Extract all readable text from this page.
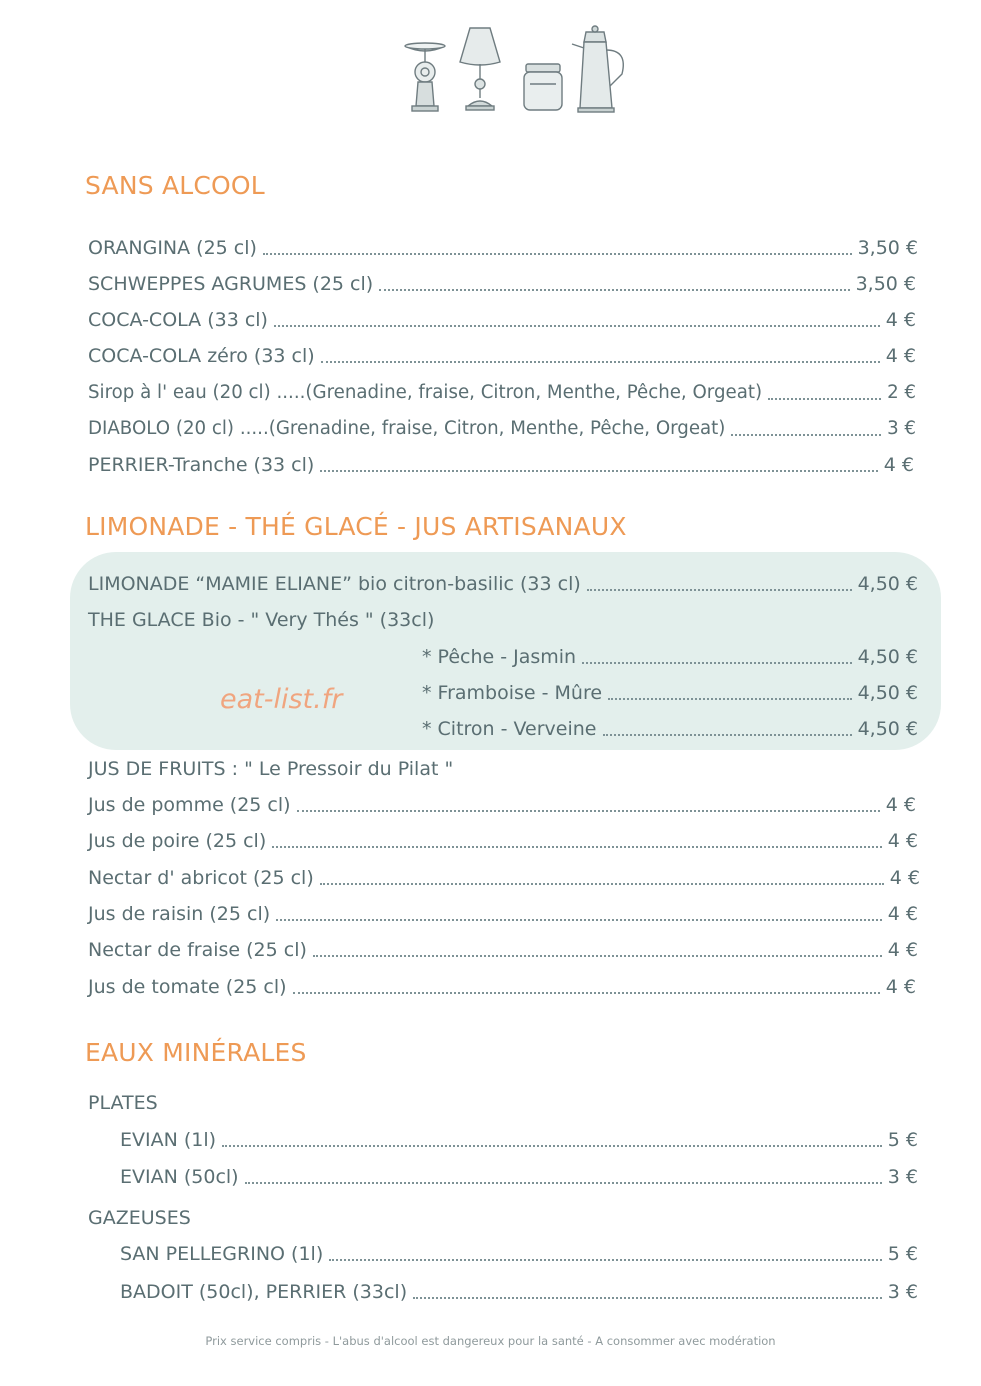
SANS ALCOOL
ORANGINA (25 cl)	3,50 €
SCHWEPPES AGRUMES (25 cl)	3,50 €
COCA-COLA (33 cl)	4 €
COCA-COLA zéro (33 cl)	4 €
Sirop à l' eau (20 cl) .....(Grenadine, fraise, Citron, Menthe, Pêche, Orgeat)	2 €
DIABOLO (20 cl) .....(Grenadine, fraise, Citron, Menthe, Pêche, Orgeat)	3 €
PERRIER-Tranche (33 cl)	4 €
LIMONADE - THÉ GLACÉ - JUS ARTISANAUX
eat-list.fr
LIMONADE “MAMIE ELIANE” bio citron-basilic (33 cl)	4,50 €
THE GLACE Bio - " Very Thés " (33cl)
* Pêche - Jasmin	4,50 €
* Framboise - Mûre	4,50 €
* Citron - Verveine	4,50 €
JUS DE FRUITS : " Le Pressoir du Pilat "
Jus de pomme (25 cl)	4 €
Jus de poire (25 cl)	4 €
Nectar d' abricot (25 cl)	4 €
Jus de raisin (25 cl)	4 €
Nectar de fraise (25 cl)	4 €
Jus de tomate (25 cl)	4 €
EAUX MINÉRALES
PLATES
EVIAN (1l)	5 €
EVIAN (50cl)	3 €
GAZEUSES
SAN PELLEGRINO (1l)	5 €
BADOIT (50cl), PERRIER (33cl)	3 €
Prix service compris - L'abus d'alcool est dangereux pour la santé - A consommer avec modération
